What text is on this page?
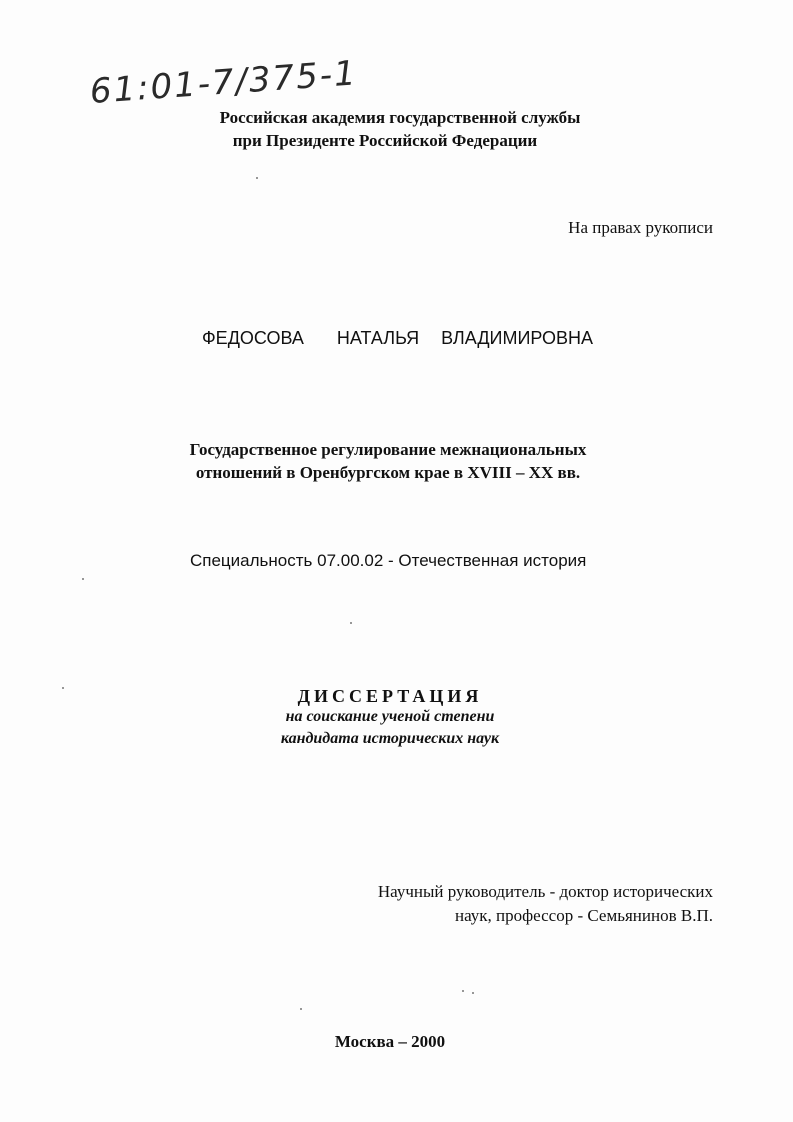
61:01-7/375-1
Российская академия государственной службы
при Президенте Российской Федерации
На правах рукописи
ФЕДОСОВА   НАТАЛЬЯ  ВЛАДИМИРОВНА
Государственное регулирование межнациональных
отношений в Оренбургском крае в XVIII – XX вв.
Специальность 07.00.02 - Отечественная история
ДИССЕРТАЦИЯ
на соискание ученой степени
кандидата исторических наук
Научный руководитель - доктор исторических
наук, профессор - Семьянинов В.П.
Москва – 2000
